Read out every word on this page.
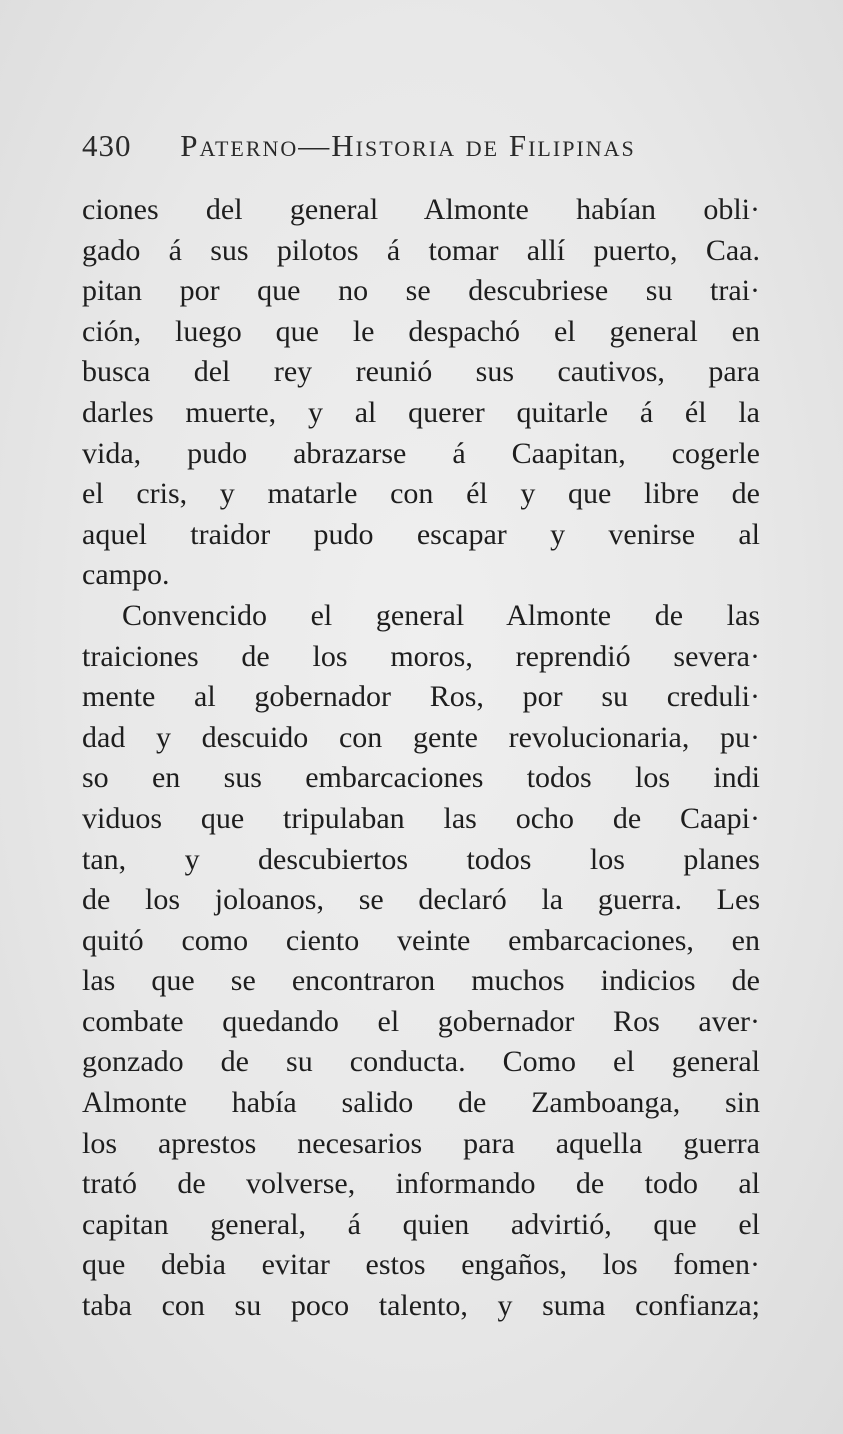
430 Paterno—Historia de Filipinas
ciones del general Almonte habían obli·
gado á sus pilotos á tomar allí puerto, Caa.
pitan por que no se descubriese su trai·
ción, luego que le despachó el general en
busca del rey reunió sus cautivos, para
darles muerte, y al querer quitarle á él la
vida, pudo abrazarse á Caapitan, cogerle
el cris, y matarle con él y que libre de
aquel traidor pudo escapar y venirse al
campo.
Convencido el general Almonte de las
traiciones de los moros, reprendió severa·
mente al gobernador Ros, por su creduli·
dad y descuido con gente revolucionaria, pu·
so en sus embarcaciones todos los indi
viduos que tripulaban las ocho de Caapi·
tan, y descubiertos todos los planes
de los joloanos, se declaró la guerra. Les
quitó como ciento veinte embarcaciones, en
las que se encontraron muchos indicios de
combate quedando el gobernador Ros aver·
gonzado de su conducta. Como el general
Almonte había salido de Zamboanga, sin
los aprestos necesarios para aquella guerra
trató de volverse, informando de todo al
capitan general, á quien advirtió, que el
que debia evitar estos engaños, los fomen·
taba con su poco talento, y suma confianza;
